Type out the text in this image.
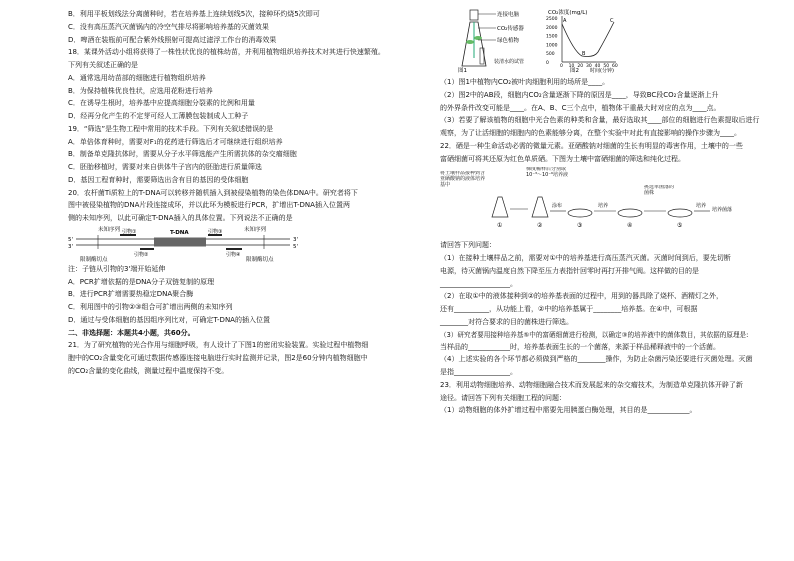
B．利用平板划线法分离菌种时，若在培养基上连续划线5次，接种环灼烧5次即可
C．没有高压蒸汽灭菌锅内的冷空气排尽将影响培养基的灭菌效果
D．啤酒在装瓶前可配合紫外线照射可提高过滤浮工作台的消毒效果
18．某课外活动小组将获得了一株性状优良的植株幼苗，并利用植物组织培养技术对其进行快速繁殖。
下列有关叙述正确的是
A．通常选用幼苗部的细胞进行植物组织培养
B．为保持植株优良性状，应选用花粉进行培养
C．在诱导生根时，培养基中应提高细胞分裂素的比例和用量
D．经再分化产生的不定芽可经人工薄膜包装制成人工种子
19．“筛选”是生物工程中常用的技术手段。下列有关叙述错误的是
A．单倍体育种时，需要对F₁的花药进行筛选后才可继续进行组织培养
B．制备单克隆抗体时，需要从分子水平筛选能产生所需抗体的杂交瘤细胞
C．胚胎移植时，需要对来自供体牛子宫内的胚胎进行质量筛选
D．基因工程育种时，需要筛选出含有目的基因的受体细胞
20．农杆菌Ti质粒上的T-DNA可以转移并随机插入到被侵染植物的染色体DNA中。研究者将下
图中被侵染植物的DNA片段连接成环，并以此环为模板进行PCR，扩增出T-DNA插入位置两
侧的未知序列，以此可确定T-DNA插入的具体位置。下列说法不正确的是
5'	3'
3'	5'
未知序列	未知序列
引物①
引物②
引物③
引物④
T-DNA
限制酶切点	限制酶切点
注：子链从引物的3'端开始延伸
A．PCR扩增依据的是DNA分子双链复制的原理
B．进行PCR扩增需要热稳定DNA聚合酶
C．利用图中的引物②③组合可扩增出两侧的未知序列
D．通过与受体细胞的基因组序列比对，可确定T-DNA的插入位置
二、非选择题：本题共4小题，共60分。
21．为了研究植物的光合作用与细胞呼吸，有人设计了下图1的密闭实验装置。实验过程中植物细
胞中的CO₂含量变化可通过数据传感器连接电脑进行实时监测并记录，图2是60分钟内植物细胞中
的CO₂含量的变化曲线，测量过程中温度保持不变。
连接电脑
CO₂传感器
绿色植物
装清水的试管
图1
CO₂浓度(mg/L)
2500
2000
1500
1000
500
0
0 10 20 30 40 50 60
A
B
C
时间(分钟)
图2
（1）图1中植物内CO₂被叶肉细胞利用的场所是____。
（2）图2中的AB段，细胞内CO₂含量逐渐下降的原因是____，导致BC段CO₂含量逐渐上升
的外界条件改变可能是____。在A、B、C三个点中，植物体干重最大时对应的点为____点。
（3）若要了解该植物的细胞中光合色素的种类和含量，最好选取其____部位的细胞进行色素提取后进行
观察，为了让活细胞的细胞内的色素能够分离，在整个实验中对此有直接影响的操作步骤为____。
22．硒是一种生命活动必需的微量元素。亚硒酸钠对细菌的生长有明显的毒害作用，土壤中的一些
富硒细菌可将其还原为红色单质硒。下图为土壤中富硒细菌的筛选和纯化过程。
将土壤样品接种到含亚硒酸钠的液体培养基中
梯度稀释后分别取10⁻³～10⁻⁶培养液
涂布	培养
挑选单菌落的菌株
培养
培养菌落
①	②	③	④	⑤
请回答下列问题：
（1）在接种土壤样品之前，需要对①中的培养基进行高压蒸汽灭菌。灭菌时间到后，要先切断
电源，待灭菌锅内温度自然下降至压力表指针回零时再打开排气阀。这样做的目的是
____________________。
（2）在取①中的液体接种到②的培养基表面的过程中，用到的器具除了烧杯、酒精灯之外，
还有__________，从功能上看，②中的培养基属于________培养基。在④中，可根据
________对符合要求的目的菌株进行筛选。
（3）研究者要用接种培养基⑤中的富硒细菌进行检测，以确定③的培养液中的菌体数目，其依据的原理是:
当样品的____________时，培养基表面生长的一个菌落，来源于样品稀释液中的一个活菌。
（4）上述实验的各个环节都必须做到严格的________操作，为防止杂菌污染还要进行灭菌处理。灭菌
是指________________。
23．利用动物细胞培养、动物细胞融合技术而发展起来的杂交瘤技术，为制造单克隆抗体开辟了新
途径。请回答下列有关细胞工程的问题：
（1）动物细胞的体外扩增过程中需要先用胰蛋白酶处理，其目的是____________。
